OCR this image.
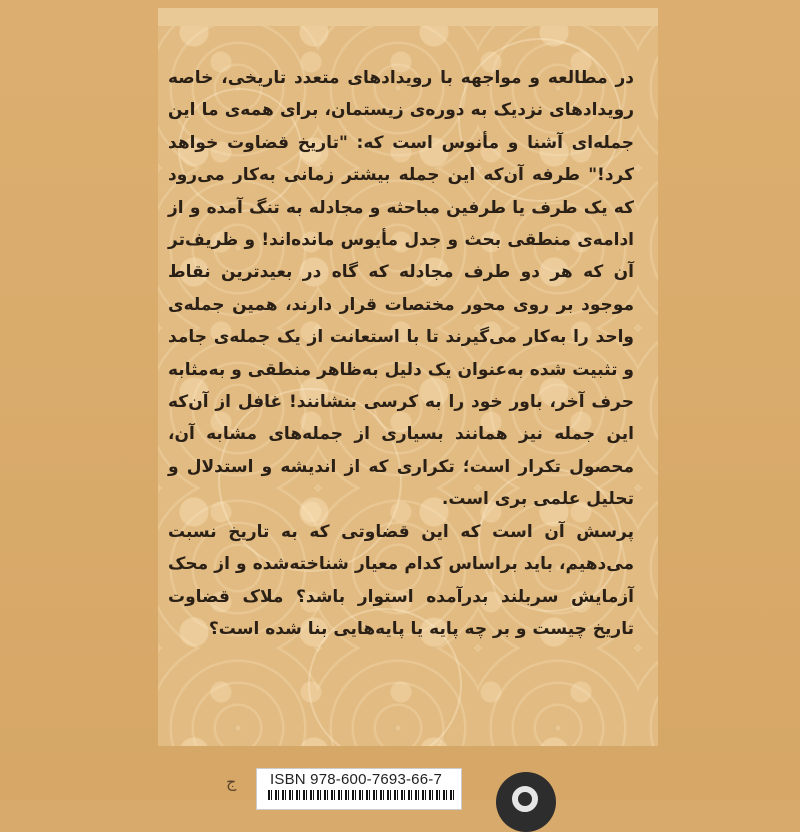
در مطالعه و مواجهه با رویدادهای متعدد تاریخی، خاصه رویدادهای نزدیک به دوره‌ی زیستمان، برای همه‌ی ما این جمله‌ای آشنا و مأنوس است که: "تاریخ قضاوت خواهد کرد!" طرفه آن‌که این جمله بیشتر زمانی به‌کار می‌رود که یک طرف یا طرفین مباحثه و مجادله به تنگ آمده و از ادامه‌ی منطقی بحث و جدل مأیوس مانده‌اند! و ظریف‌تر آن که هر دو طرف مجادله که گاه در بعیدترین نقاط موجود بر روی محور مختصات قرار دارند، همین جمله‌ی واحد را به‌کار می‌گیرند تا با استعانت از یک جمله‌ی جامد و تثبیت شده به‌عنوان یک دلیل به‌ظاهر منطقی و به‌مثابه حرف آخر، باور خود را به کرسی بنشانند! غافل از آن‌که این جمله نیز همانند بسیاری از جمله‌های مشابه آن، محصول تکرار است؛ تکراری که از اندیشه و استدلال و تحلیل علمی بری است.

پرسش آن است که این قضاوتی که به تاریخ نسبت می‌دهیم، باید براساس کدام معیار شناخته‌شده و از محک آزمایش سربلند بدرآمده استوار باشد؟ ملاک قضاوت تاریخ چیست و بر چه پایه یا پایه‌هایی بنا شده است؟

ج	ISBN 978-600-7693-66-7
